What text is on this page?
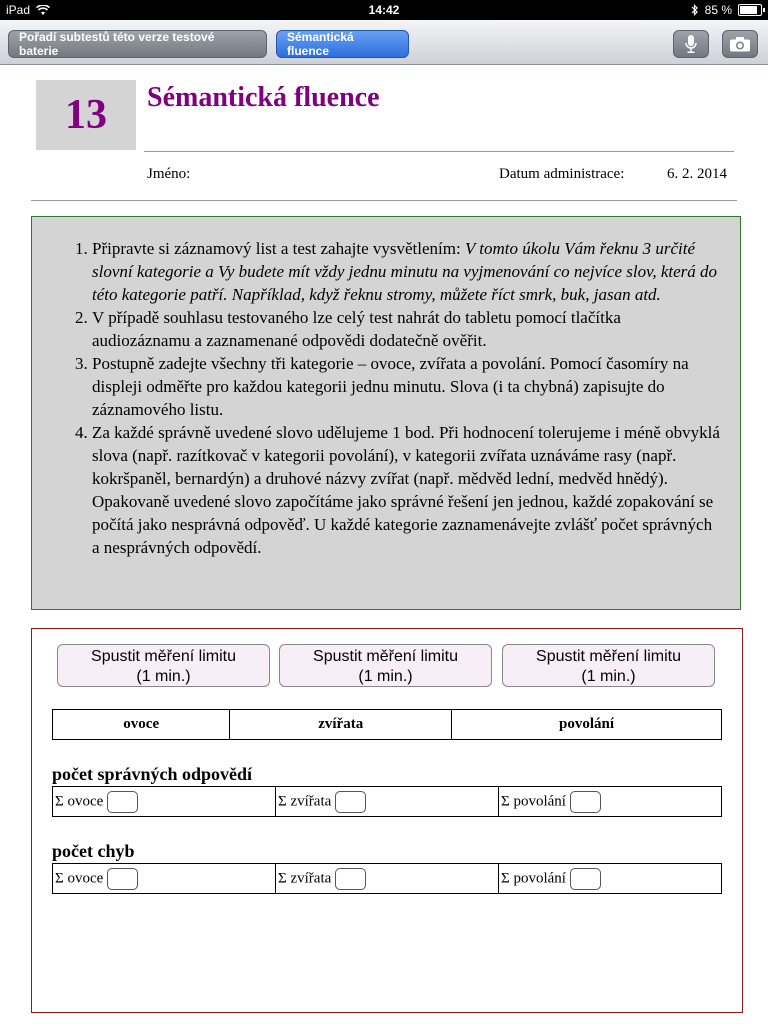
iPad	14:42	85 %
Pořadí subtestů této verze testové baterie
Sémantická fluence
13	Sémantická fluence
Jméno:	Datum administrace:	6. 2. 2014
1. Připravte si záznamový list a test zahajte vysvětlením: V tomto úkolu Vám řeknu 3 určité slovní kategorie a Vy budete mít vždy jednu minutu na vyjmenování co nejvíce slov, která do této kategorie patří. Například, když řeknu stromy, můžete říct smrk, buk, jasan atd.
2. V případě souhlasu testovaného lze celý test nahrát do tabletu pomocí tlačítka audiozáznamu a zaznamenané odpovědi dodatečně ověřit.
3. Postupně zadejte všechny tři kategorie – ovoce, zvířata a povolání. Pomocí časomíry na displeji odměřte pro každou kategorii jednu minutu. Slova (i ta chybná) zapisujte do záznamového listu.
4. Za každé správně uvedené slovo udělujeme 1 bod. Při hodnocení tolerujeme i méně obvyklá slova (např. razítkovač v kategorii povolání), v kategorii zvířata uznáváme rasy (např. kokršpaněl, bernardýn) a druhové názvy zvířat (např. mědvěd lední, medvěd hnědý). Opakovaně uvedené slovo započítáme jako správné řešení jen jednou, každé zopakování se počítá jako nesprávná odpověď. U každé kategorie zaznamenávejte zvlášť počet správných a nesprávných odpovědí.
Spustit měření limitu
(1 min.)
Spustit měření limitu
(1 min.)
Spustit měření limitu
(1 min.)
ovoce	zvířata	povolání
počet správných odpovědí
Σ ovoce	Σ zvířata	Σ povolání
počet chyb
Σ ovoce	Σ zvířata	Σ povolání
